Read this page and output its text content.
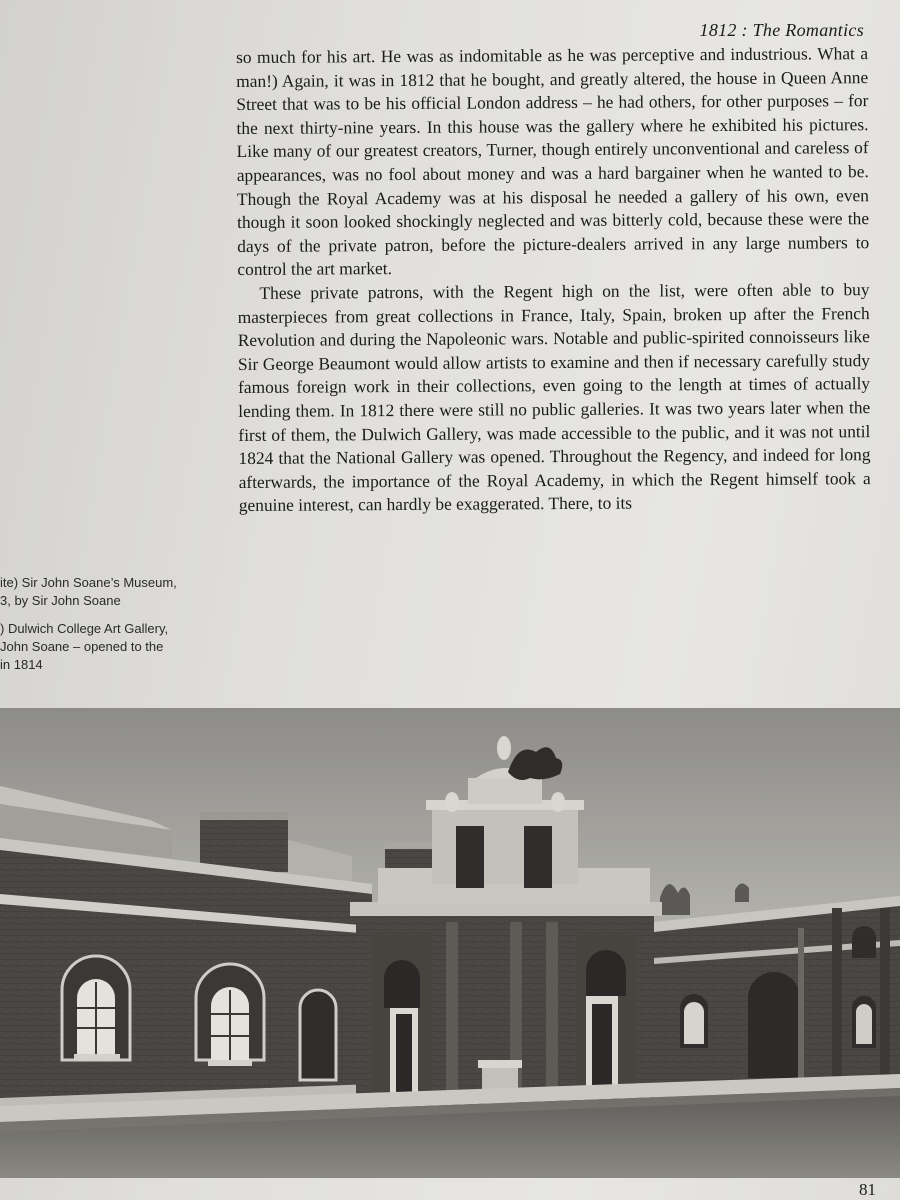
1812 : The Romantics

so much for his art. He was as indomitable as he was perceptive and industrious. What a man!) Again, it was in 1812 that he bought, and greatly altered, the house in Queen Anne Street that was to be his official London address – he had others, for other purposes – for the next thirty-nine years. In this house was the gallery where he exhibited his pictures. Like many of our greatest creators, Turner, though entirely unconventional and careless of appearances, was no fool about money and was a hard bargainer when he wanted to be. Though the Royal Academy was at his disposal he needed a gallery of his own, even though it soon looked shockingly neglected and was bitterly cold, because these were the days of the private patron, before the picture-dealers arrived in any large numbers to control the art market.

These private patrons, with the Regent high on the list, were often able to buy masterpieces from great collections in France, Italy, Spain, broken up after the French Revolution and during the Napoleonic wars. Notable and public-spirited connoisseurs like Sir George Beaumont would allow artists to examine and then if necessary carefully study famous foreign work in their collections, even going to the length at times of actually lending them. In 1812 there were still no public galleries. It was two years later when the first of them, the Dulwich Gallery, was made accessible to the public, and it was not until 1824 that the National Gallery was opened. Throughout the Regency, and indeed for long afterwards, the importance of the Royal Academy, in which the Regent himself took a genuine interest, can hardly be exaggerated. There, to its

ite) Sir John Soane’s Museum,
3, by Sir John Soane
) Dulwich College Art Gallery,
John Soane – opened to the
in 1814
81
